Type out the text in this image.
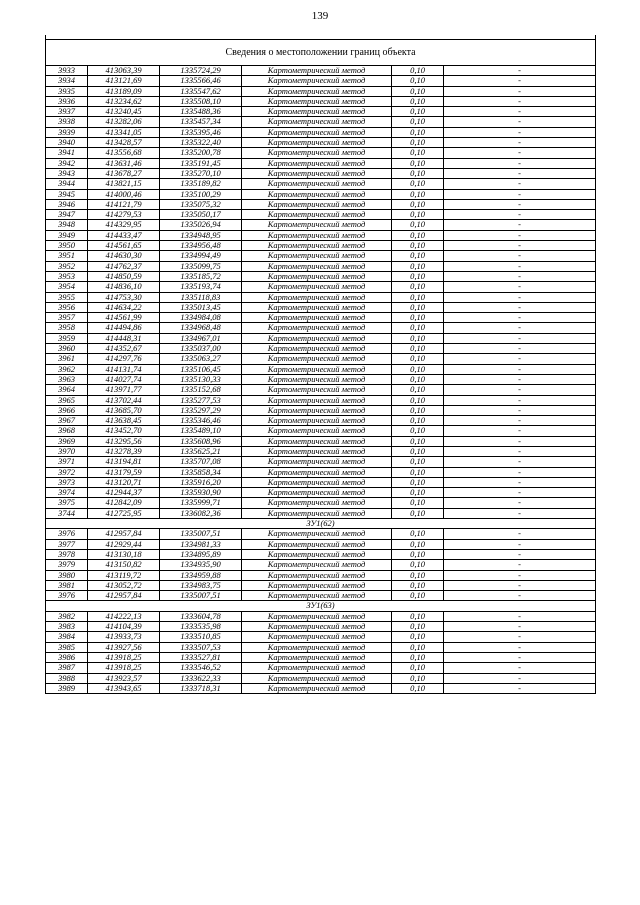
139

Сведения о местоположении границ объекта					
3933	413063,39	1335724,29	Картометрический метод	0,10	-
3934	413121,69	1335566,46	Картометрический метод	0,10	-
3935	413189,09	1335547,62	Картометрический метод	0,10	-
3936	413234,62	1335508,10	Картометрический метод	0,10	-
3937	413240,45	1335488,36	Картометрический метод	0,10	-
3938	413282,06	1335457,34	Картометрический метод	0,10	-
3939	413341,05	1335395,46	Картометрический метод	0,10	-
3940	413428,57	1335322,40	Картометрический метод	0,10	-
3941	413556,68	1335200,78	Картометрический метод	0,10	-
3942	413631,46	1335191,45	Картометрический метод	0,10	-
3943	413678,27	1335270,10	Картометрический метод	0,10	-
3944	413821,15	1335189,82	Картометрический метод	0,10	-
3945	414000,46	1335100,29	Картометрический метод	0,10	-
3946	414121,79	1335075,32	Картометрический метод	0,10	-
3947	414279,53	1335050,17	Картометрический метод	0,10	-
3948	414329,95	1335026,94	Картометрический метод	0,10	-
3949	414433,47	1334948,95	Картометрический метод	0,10	-
3950	414561,65	1334956,48	Картометрический метод	0,10	-
3951	414630,30	1334994,49	Картометрический метод	0,10	-
3952	414762,37	1335099,75	Картометрический метод	0,10	-
3953	414850,59	1335185,72	Картометрический метод	0,10	-
3954	414836,10	1335193,74	Картометрический метод	0,10	-
3955	414753,30	1335118,83	Картометрический метод	0,10	-
3956	414634,22	1335013,45	Картометрический метод	0,10	-
3957	414561,99	1334984,08	Картометрический метод	0,10	-
3958	414494,86	1334968,48	Картометрический метод	0,10	-
3959	414448,31	1334967,01	Картометрический метод	0,10	-
3960	414352,67	1335037,00	Картометрический метод	0,10	-
3961	414297,76	1335063,27	Картометрический метод	0,10	-
3962	414131,74	1335106,45	Картометрический метод	0,10	-
3963	414027,74	1335130,33	Картометрический метод	0,10	-
3964	413971,77	1335152,68	Картометрический метод	0,10	-
3965	413702,44	1335277,53	Картометрический метод	0,10	-
3966	413685,70	1335297,29	Картометрический метод	0,10	-
3967	413638,45	1335346,46	Картометрический метод	0,10	-
3968	413452,70	1335489,10	Картометрический метод	0,10	-
3969	413295,56	1335608,96	Картометрический метод	0,10	-
3970	413278,39	1335625,21	Картометрический метод	0,10	-
3971	413194,81	1335707,08	Картометрический метод	0,10	-
3972	413179,59	1335858,34	Картометрический метод	0,10	-
3973	413120,71	1335916,20	Картометрический метод	0,10	-
3974	412944,37	1335930,90	Картометрический метод	0,10	-
3975	412842,09	1335999,71	Картометрический метод	0,10	-
3744	412725,95	1336082,36	Картометрический метод	0,10	-
ЗУ1(62)					
3976	412957,84	1335007,51	Картометрический метод	0,10	-
3977	412929,44	1334981,33	Картометрический метод	0,10	-
3978	413130,18	1334895,89	Картометрический метод	0,10	-
3979	413150,82	1334935,90	Картометрический метод	0,10	-
3980	413119,72	1334959,88	Картометрический метод	0,10	-
3981	413052,72	1334983,75	Картометрический метод	0,10	-
3976	412957,84	1335007,51	Картометрический метод	0,10	-
ЗУ1(63)					
3982	414222,13	1333604,78	Картометрический метод	0,10	-
3983	414104,39	1333535,98	Картометрический метод	0,10	-
3984	413933,73	1333510,85	Картометрический метод	0,10	-
3985	413927,56	1333507,53	Картометрический метод	0,10	-
3986	413918,25	1333527,81	Картометрический метод	0,10	-
3987	413918,25	1333546,52	Картометрический метод	0,10	-
3988	413923,57	1333622,33	Картометрический метод	0,10	-
3989	413943,65	1333718,31	Картометрический метод	0,10	-
